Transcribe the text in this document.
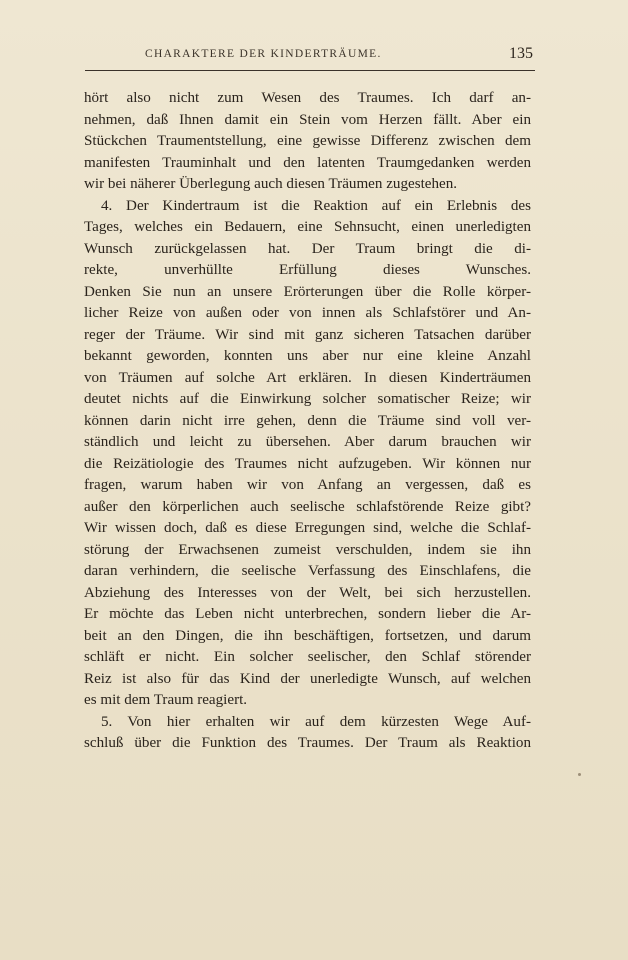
CHARAKTERE DER KINDERTRÄUME.	135
hört also nicht zum Wesen des Traumes. Ich darf an-
nehmen, daß Ihnen damit ein Stein vom Herzen fällt. Aber ein
Stückchen Traumentstellung, eine gewisse Differenz zwischen dem
manifesten Trauminhalt und den latenten Traumgedanken werden
wir bei näherer Überlegung auch diesen Träumen zugestehen.
4. Der Kindertraum ist die Reaktion auf ein Erlebnis des
Tages, welches ein Bedauern, eine Sehnsucht, einen unerledigten
Wunsch zurückgelassen hat. Der Traum bringt die di-
rekte, unverhüllte Erfüllung dieses Wunsches.
Denken Sie nun an unsere Erörterungen über die Rolle körper-
licher Reize von außen oder von innen als Schlafstörer und An-
reger der Träume. Wir sind mit ganz sicheren Tatsachen darüber
bekannt geworden, konnten uns aber nur eine kleine Anzahl
von Träumen auf solche Art erklären. In diesen Kinderträumen
deutet nichts auf die Einwirkung solcher somatischer Reize; wir
können darin nicht irre gehen, denn die Träume sind voll ver-
ständlich und leicht zu übersehen. Aber darum brauchen wir
die Reizätiologie des Traumes nicht aufzugeben. Wir können nur
fragen, warum haben wir von Anfang an vergessen, daß es
außer den körperlichen auch seelische schlafstörende Reize gibt?
Wir wissen doch, daß es diese Erregungen sind, welche die Schlaf-
störung der Erwachsenen zumeist verschulden, indem sie ihn
daran verhindern, die seelische Verfassung des Einschlafens, die
Abziehung des Interesses von der Welt, bei sich herzustellen.
Er möchte das Leben nicht unterbrechen, sondern lieber die Ar-
beit an den Dingen, die ihn beschäftigen, fortsetzen, und darum
schläft er nicht. Ein solcher seelischer, den Schlaf störender
Reiz ist also für das Kind der unerledigte Wunsch, auf welchen
es mit dem Traum reagiert.
5. Von hier erhalten wir auf dem kürzesten Wege Auf-
schluß über die Funktion des Traumes. Der Traum als Reaktion
